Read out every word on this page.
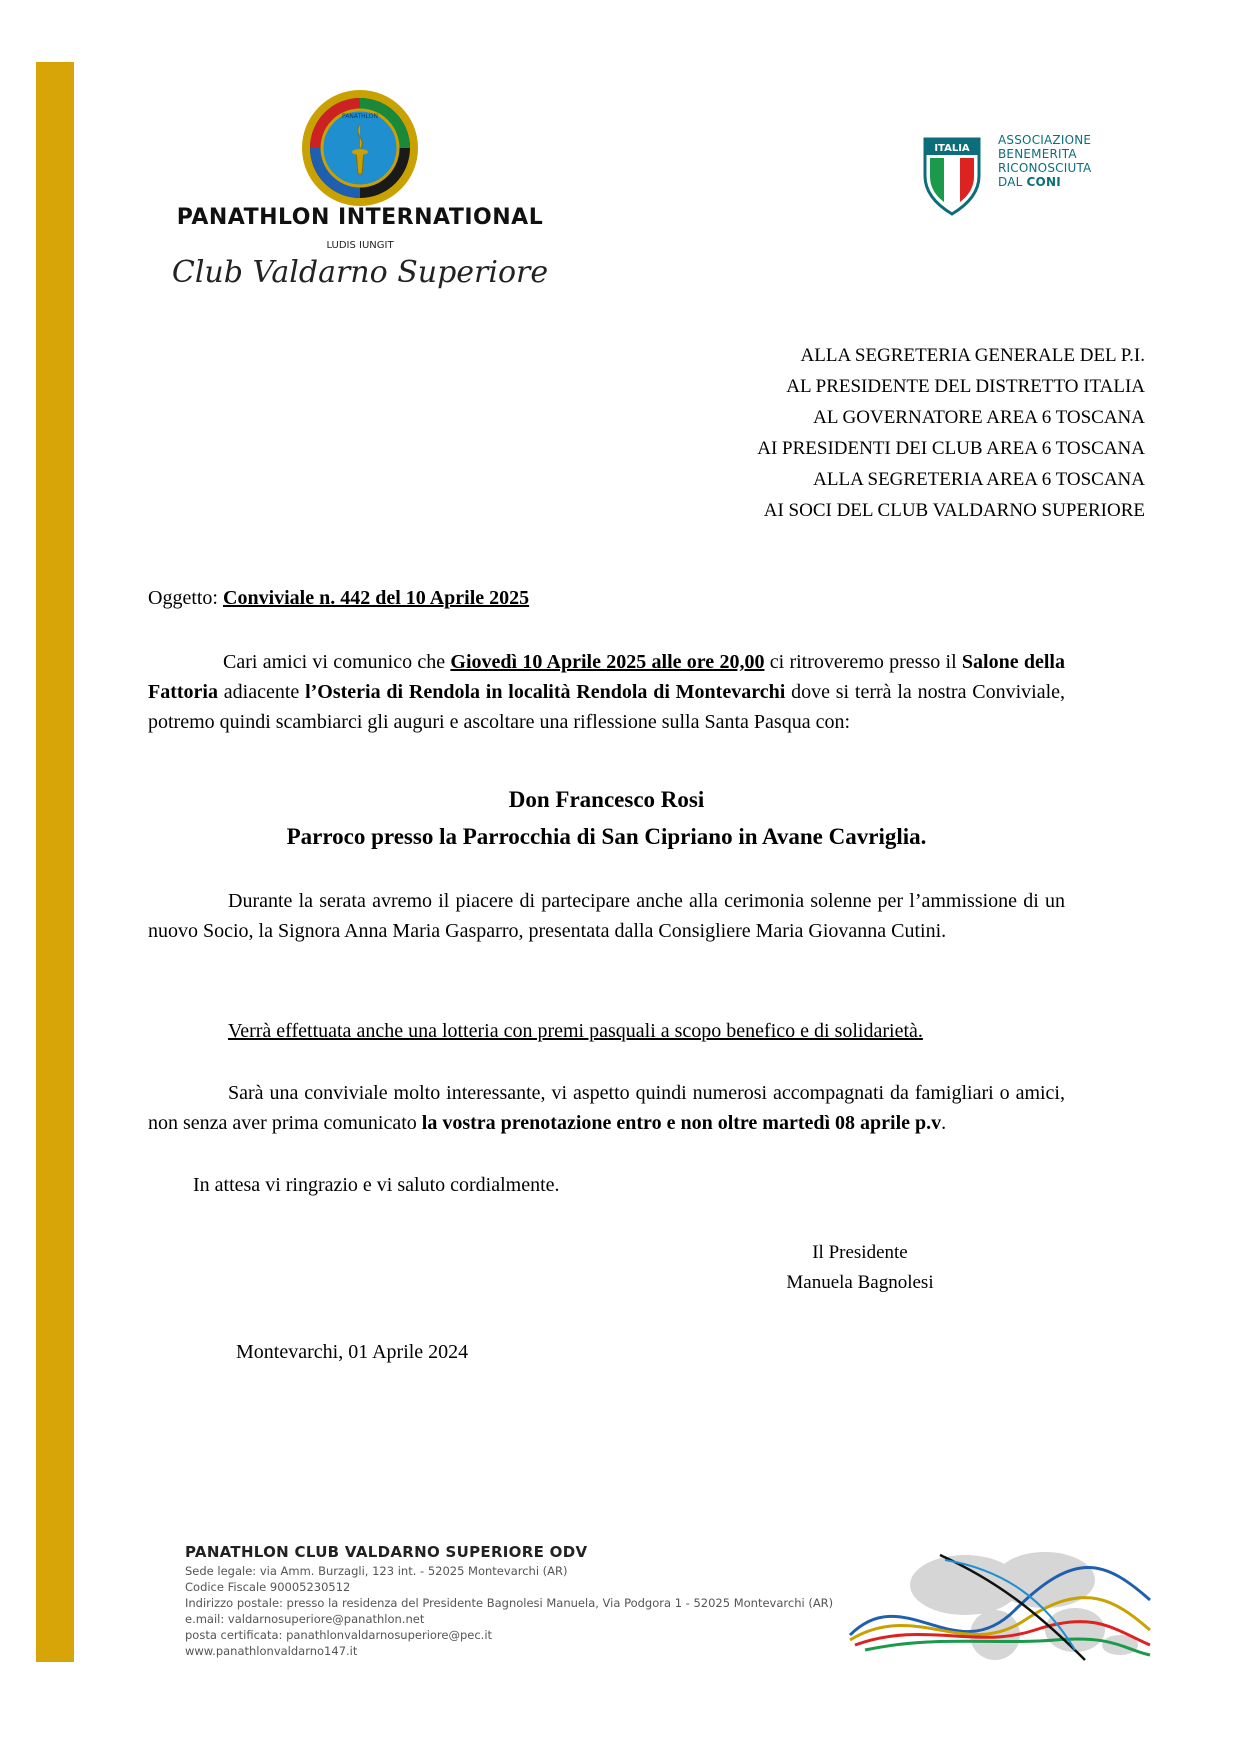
PANATHLON
PANATHLON INTERNATIONAL
LUDIS IUNGIT
Club Valdarno Superiore
ITALIA
ASSOCIAZIONE
BENEMERITA
RICONOSCIUTA
DAL CONI
ALLA SEGRETERIA GENERALE DEL P.I.
AL PRESIDENTE DEL DISTRETTO ITALIA
AL GOVERNATORE AREA 6 TOSCANA
AI PRESIDENTI DEI CLUB AREA 6 TOSCANA
ALLA SEGRETERIA AREA 6 TOSCANA
AI SOCI DEL CLUB VALDARNO SUPERIORE
Oggetto: Conviviale n. 442 del 10 Aprile 2025
Cari amici vi comunico che Giovedì 10 Aprile 2025 alle ore 20,00 ci ritroveremo presso il Salone della Fattoria adiacente l’Osteria di Rendola in località Rendola di Montevarchi dove si terrà la nostra Conviviale, potremo quindi scambiarci gli auguri e ascoltare una riflessione sulla Santa Pasqua con:
Don Francesco Rosi
Parroco presso la Parrocchia di San Cipriano in Avane Cavriglia.
Durante la serata avremo il piacere di partecipare anche alla cerimonia solenne per l’ammissione di un nuovo Socio, la Signora Anna Maria Gasparro, presentata dalla Consigliere Maria Giovanna Cutini.
Verrà effettuata anche una lotteria con premi pasquali a scopo benefico e di solidarietà.
Sarà una conviviale molto interessante, vi aspetto quindi numerosi accompagnati da famigliari o amici, non senza aver prima comunicato la vostra prenotazione entro e non oltre martedì 08 aprile p.v.
In attesa vi ringrazio e vi saluto cordialmente.
Il Presidente
Manuela Bagnolesi
Montevarchi, 01 Aprile 2024
PANATHLON CLUB VALDARNO SUPERIORE ODV
Sede legale: via Amm. Burzagli, 123 int. - 52025 Montevarchi (AR)
Codice Fiscale 90005230512
Indirizzo postale: presso la residenza del Presidente Bagnolesi Manuela, Via Podgora 1 - 52025 Montevarchi (AR)
e.mail: valdarnosuperiore@panathlon.net
posta certificata: panathlonvaldarnosuperiore@pec.it
www.panathlonvaldarno147.it
